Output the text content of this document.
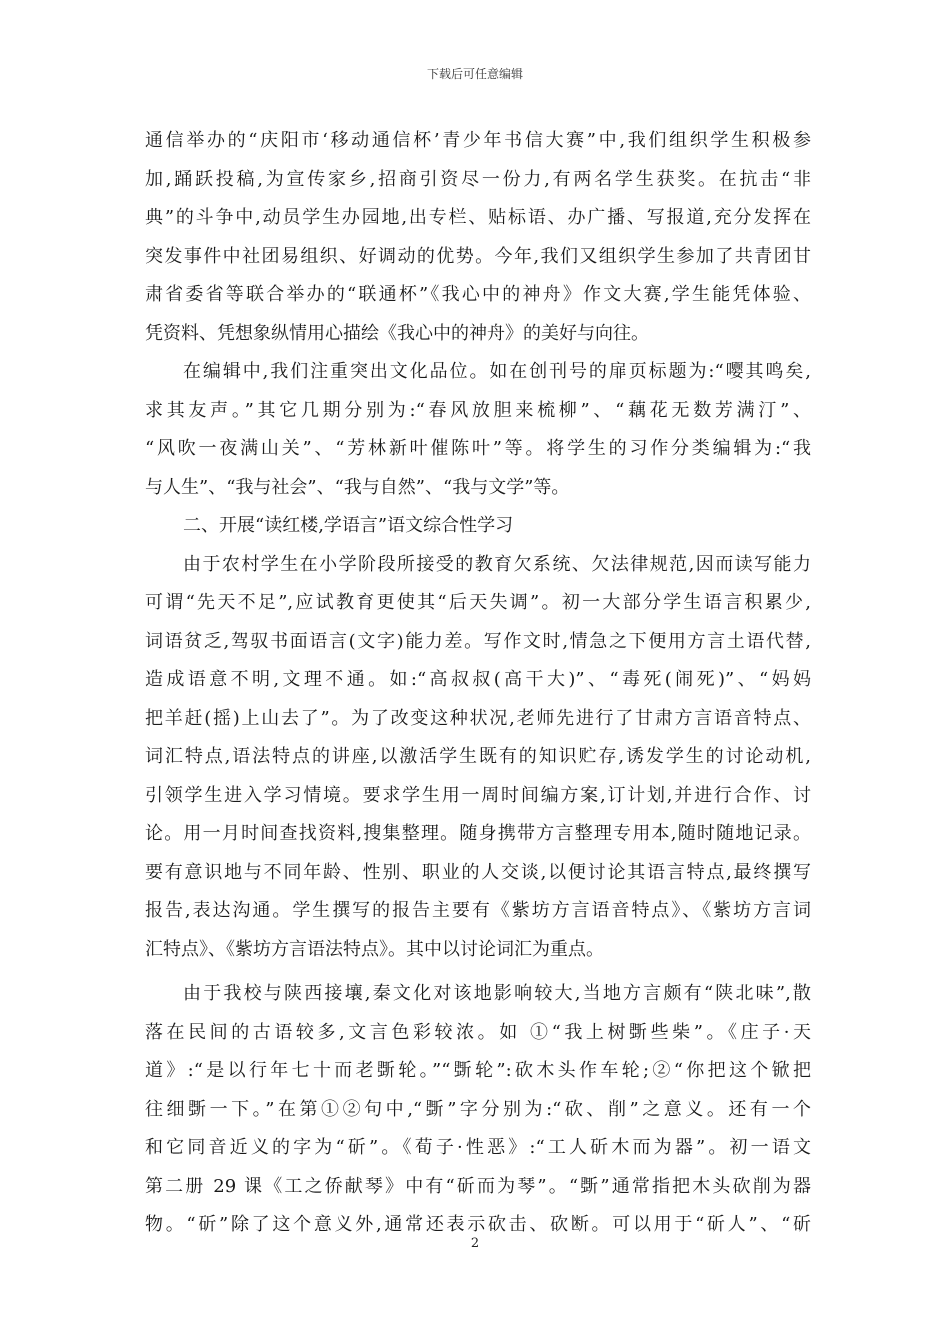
下载后可任意编辑
通信举办的“庆阳市‘移动通信杯’青少年书信大赛”中,我们组织学生积极参
加,踊跃投稿,为宣传家乡,招商引资尽一份力,有两名学生获奖。在抗击“非
典”的斗争中,动员学生办园地,出专栏、贴标语、办广播、写报道,充分发挥在
突发事件中社团易组织、好调动的优势。今年,我们又组织学生参加了共青团甘
肃省委省等联合举办的“联通杯”《我心中的神舟》作文大赛,学生能凭体验、
凭资料、凭想象纵情用心描绘《我心中的神舟》的美好与向往。
在编辑中,我们注重突出文化品位。如在创刊号的扉页标题为:“嘤其鸣矣,
求其友声。”其它几期分别为:“春风放胆来梳柳”、“藕花无数芳满汀”、
“风吹一夜满山关”、“芳林新叶催陈叶”等。将学生的习作分类编辑为:“我
与人生”、“我与社会”、“我与自然”、“我与文学”等。
二、开展“读红楼,学语言”语文综合性学习
由于农村学生在小学阶段所接受的教育欠系统、欠法律规范,因而读写能力
可谓“先天不足”,应试教育更使其“后天失调”。初一大部分学生语言积累少,
词语贫乏,驾驭书面语言(文字)能力差。写作文时,情急之下便用方言土语代替,
造成语意不明,文理不通。如:“高叔叔(高干大)”、“毒死(闹死)”、“妈妈
把羊赶(摇)上山去了”。为了改变这种状况,老师先进行了甘肃方言语音特点、
词汇特点,语法特点的讲座,以激活学生既有的知识贮存,诱发学生的讨论动机,
引领学生进入学习情境。要求学生用一周时间编方案,订计划,并进行合作、讨
论。用一月时间查找资料,搜集整理。随身携带方言整理专用本,随时随地记录。
要有意识地与不同年龄、性别、职业的人交谈,以便讨论其语言特点,最终撰写
报告,表达沟通。学生撰写的报告主要有《紫坊方言语音特点》、《紫坊方言词
汇特点》、《紫坊方言语法特点》。其中以讨论词汇为重点。
由于我校与陕西接壤,秦文化对该地影响较大,当地方言颇有“陕北味”,散
落在民间的古语较多,文言色彩较浓。如 ①“我上树斲些柴”。《庄子·天
道》:“是以行年七十而老斲轮。”“斲轮”:砍木头作车轮;②“你把这个锨把
往细斲一下。”在第①②句中,“斲”字分别为:“砍、削”之意义。还有一个
和它同音近义的字为“斫”。《荀子·性恶》:“工人斫木而为器”。初一语文
第二册 29 课《工之侨献琴》中有“斫而为琴”。“斲”通常指把木头砍削为器
物。“斫”除了这个意义外,通常还表示砍击、砍断。可以用于“斫人”、“斫
2
